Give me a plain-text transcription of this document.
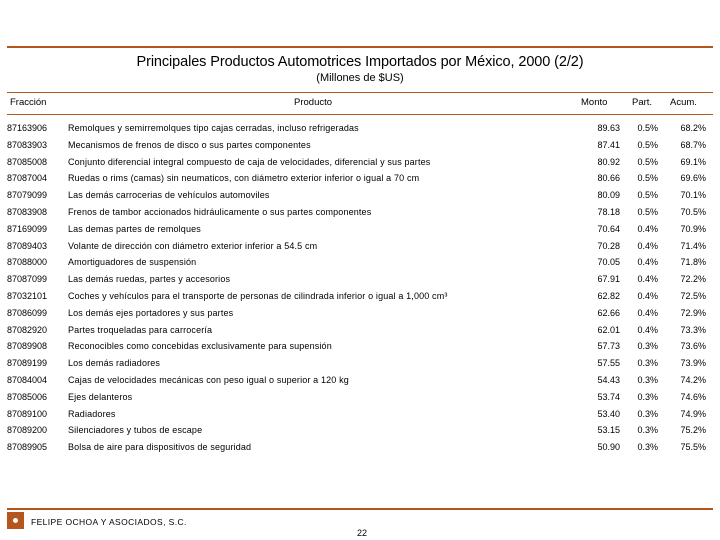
Principales Productos Automotrices Importados por México, 2000 (2/2)
(Millones de $US)
Fracción	Producto	Monto	Part. Acum.
87163906 Remolques y semirremolques tipo cajas cerradas, incluso refrigeradas	89.63 0.5% 68.2%
87083903 Mecanismos de frenos de disco o sus partes componentes	87.41 0.5% 68.7%
87085008 Conjunto diferencial integral compuesto de caja de velocidades, diferencial y sus partes	80.92 0.5% 69.1%
87087004 Ruedas o rims (camas) sin neumaticos, con diámetro exterior inferior o igual a 70 cm	80.66 0.5% 69.6%
87079099 Las demás carrocerias de vehículos automoviles	80.09 0.5% 70.1%
87083908 Frenos de tambor accionados hidráulicamente o sus partes componentes	78.18 0.5% 70.5%
87169099 Las demas partes de remolques	70.64 0.4% 70.9%
87089403 Volante de dirección con diámetro exterior inferior a 54.5 cm	70.28 0.4% 71.4%
87088000 Amortiguadores de suspensión	70.05 0.4% 71.8%
87087099 Las demás ruedas, partes y accesorios	67.91 0.4% 72.2%
87032101 Coches y vehículos para el transporte de personas de cilindrada inferior o igual a 1,000 cm³	62.82 0.4% 72.5%
87086099 Los demás ejes portadores y sus partes	62.66 0.4% 72.9%
87082920 Partes troqueladas para carrocería	62.01 0.4% 73.3%
87089908 Reconocibles como concebidas exclusivamente para supensión	57.73 0.3% 73.6%
87089199 Los demás radiadores	57.55 0.3% 73.9%
87084004 Cajas de velocidades mecánicas con peso igual o superior a 120 kg	54.43 0.3% 74.2%
87085006 Ejes delanteros	53.74 0.3% 74.6%
87089100 Radiadores	53.40 0.3% 74.9%
87089200 Silenciadores y tubos de escape	53.15 0.3% 75.2%
87089905 Bolsa de aire para dispositivos de seguridad	50.90 0.3% 75.5%
FELIPE OCHOA Y ASOCIADOS, S.C.
22
